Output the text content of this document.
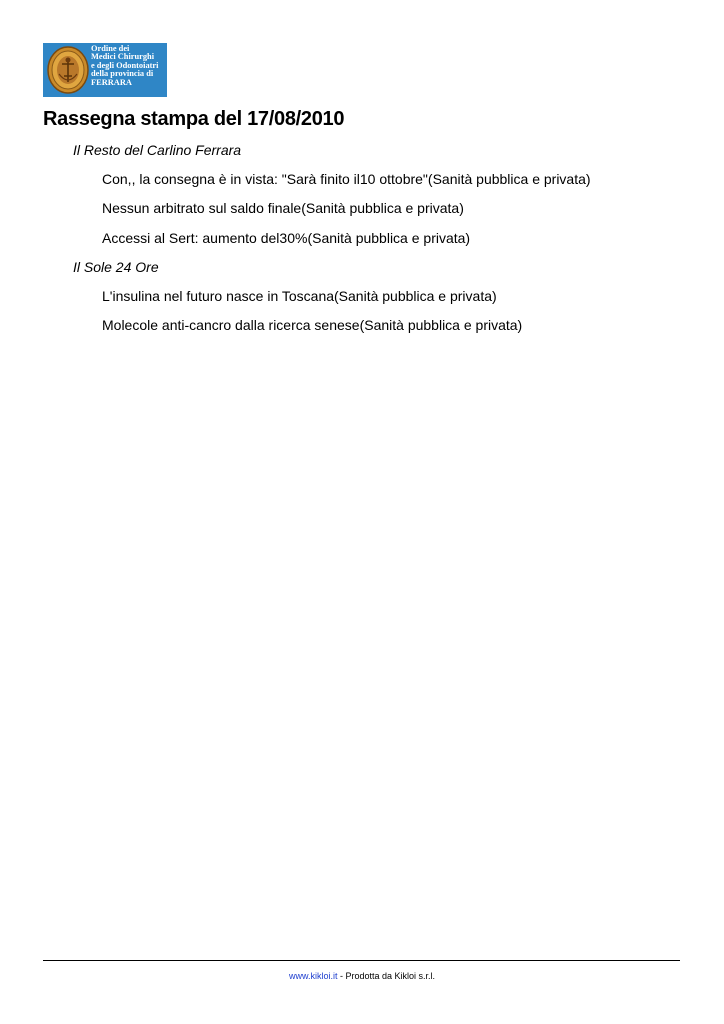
Ordine dei
Medici Chirurghi
e degli Odontoiatri
della provincia di
FERRARA
Rassegna stampa del 17/08/2010
Il Resto del Carlino Ferrara
Con,, la consegna è in vista: "Sarà finito il10 ottobre"(Sanità pubblica e privata)
Nessun arbitrato sul saldo finale(Sanità pubblica e privata)
Accessi al Sert: aumento del30%(Sanità pubblica e privata)
Il Sole 24 Ore
L'insulina nel futuro nasce in Toscana(Sanità pubblica e privata)
Molecole anti-cancro dalla ricerca senese(Sanità pubblica e privata)
www.kikloi.it - Prodotta da Kikloi s.r.l.
